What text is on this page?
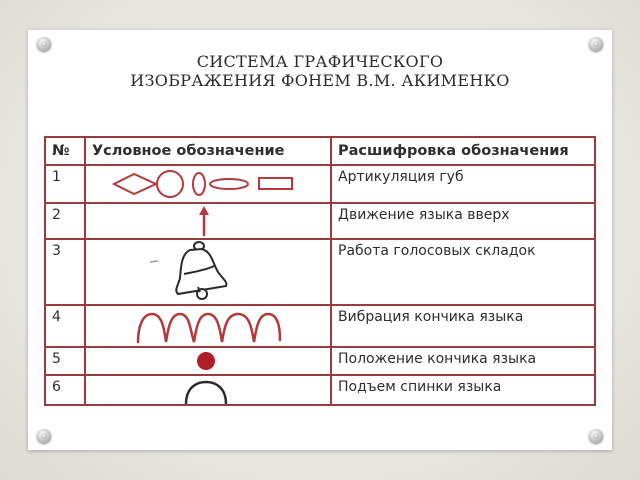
СИСТЕМА ГРАФИЧЕСКОГО
ИЗОБРАЖЕНИЯ ФОНЕМ В.М. АКИМЕНКО
№	Условное обозначение	Расшифровка обозначения
1		Артикуляция губ
2		Движение языка вверх
3		Работа голосовых складок
4		Вибрация кончика языка
5		Положение кончика языка
6		Подъем спинки языка
